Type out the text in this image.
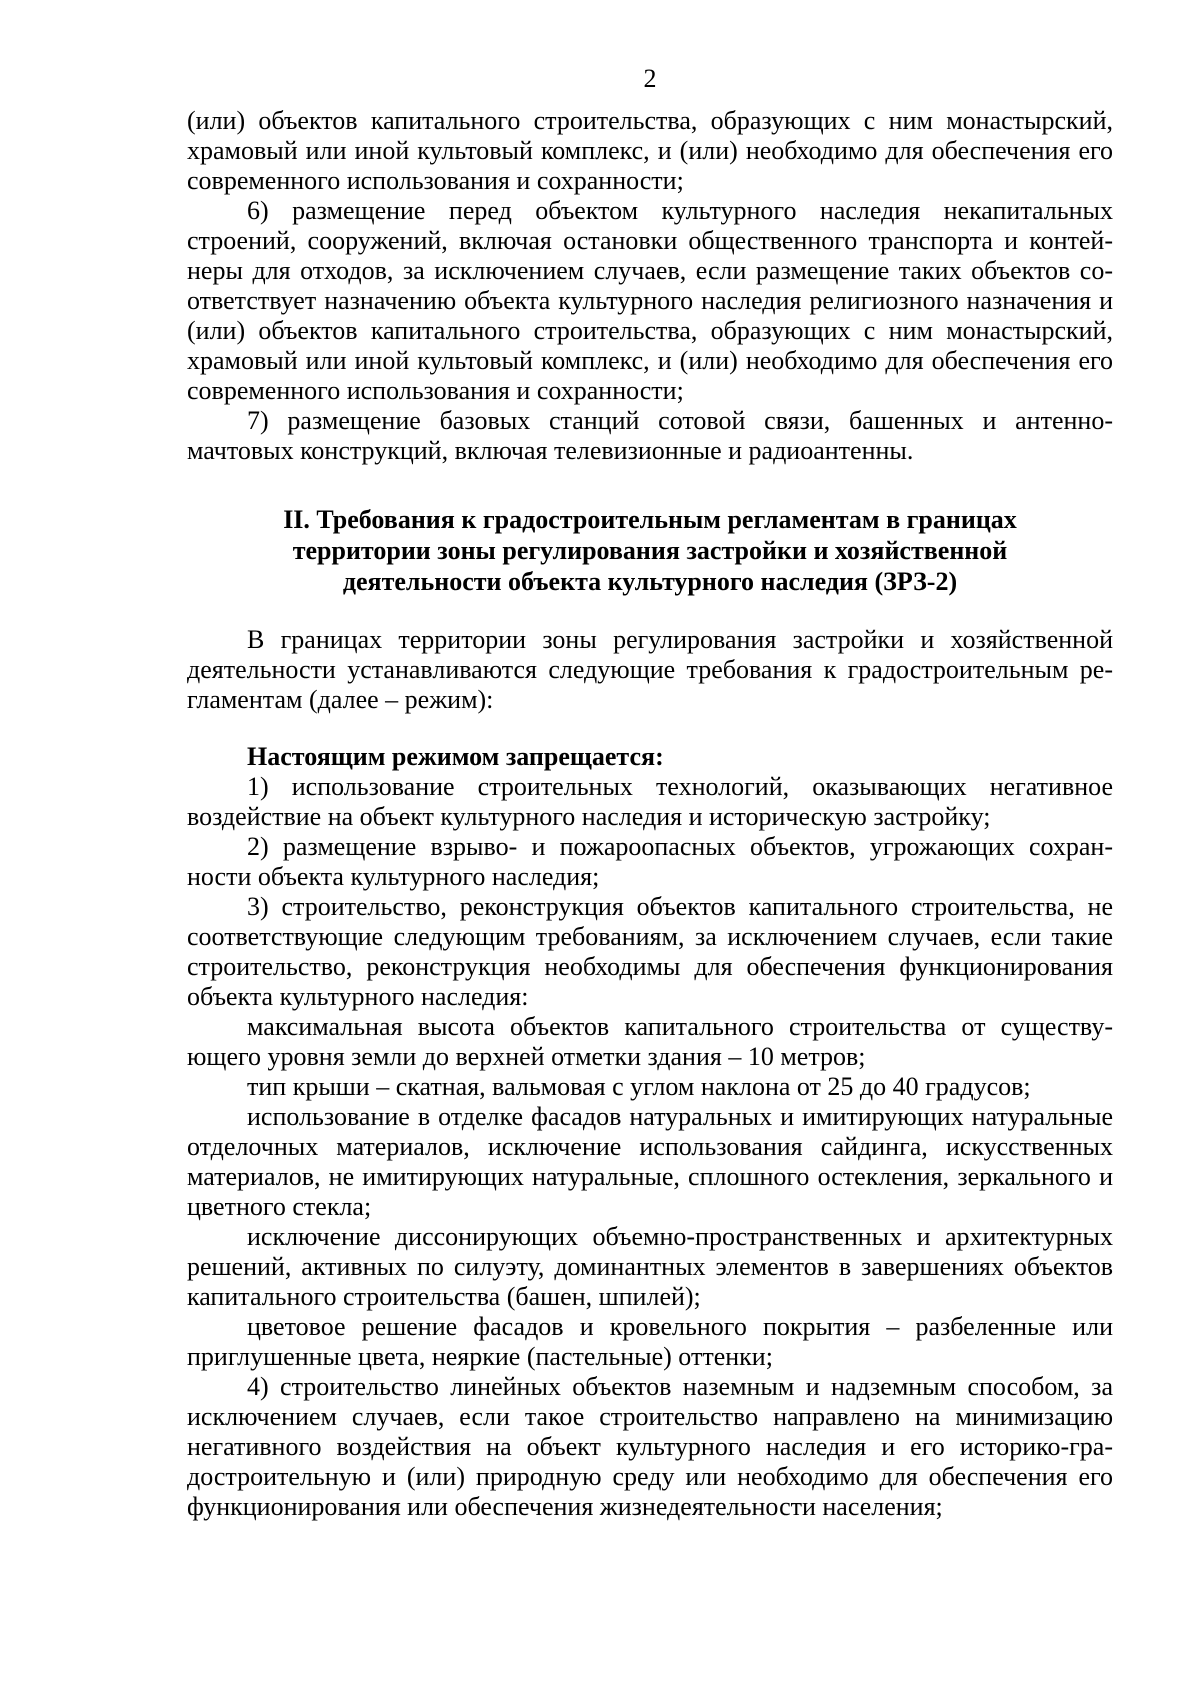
2

(или) объектов капитального строительства, образующих с ним монастырский, храмовый или иной культовый комплекс, и (или) необходимо для обеспечения его современного использования и сохранности;

6) размещение перед объектом культурного наследия некапитальных строений, сооружений, включая остановки общественного транспорта и контейнеры для отходов, за исключением случаев, если размещение таких объектов соответствует назначению объекта культурного наследия религиозного назначения и (или) объектов капитального строительства, образующих с ним монастырский, храмовый или иной культовый комплекс, и (или) необходимо для обеспечения его современного использования и сохранности;

7) размещение базовых станций сотовой связи, башенных и антенно-мачтовых конструкций, включая телевизионные и радиоантенны.

II. Требования к градостроительным регламентам в границах
территории зоны регулирования застройки и хозяйственной
деятельности объекта культурного наследия (ЗРЗ-2)

В границах территории зоны регулирования застройки и хозяйственной деятельности устанавливаются следующие требования к градостроительным регламентам (далее – режим):

Настоящим режимом запрещается:

1) использование строительных технологий, оказывающих негативное воздействие на объект культурного наследия и историческую застройку;

2) размещение взрыво- и пожароопасных объектов, угрожающих сохранности объекта культурного наследия;

3) строительство, реконструкция объектов капитального строительства, не соответствующие следующим требованиям, за исключением случаев, если такие строительство, реконструкция необходимы для обеспечения функционирования объекта культурного наследия:

максимальная высота объектов капитального строительства от существующего уровня земли до верхней отметки здания – 10 метров;

тип крыши – скатная, вальмовая с углом наклона от 25 до 40 градусов;

использование в отделке фасадов натуральных и имитирующих натуральные отделочных материалов, исключение использования сайдинга, искусственных материалов, не имитирующих натуральные, сплошного остекления, зеркального и цветного стекла;

исключение диссонирующих объемно-пространственных и архитектурных решений, активных по силуэту, доминантных элементов в завершениях объектов капитального строительства (башен, шпилей);

цветовое решение фасадов и кровельного покрытия – разбеленные или приглушенные цвета, неяркие (пастельные) оттенки;

4) строительство линейных объектов наземным и надземным способом, за исключением случаев, если такое строительство направлено на минимизацию негативного воздействия на объект культурного наследия и его историко-градостроительную и (или) природную среду или необходимо для обеспечения его функционирования или обеспечения жизнедеятельности населения;
